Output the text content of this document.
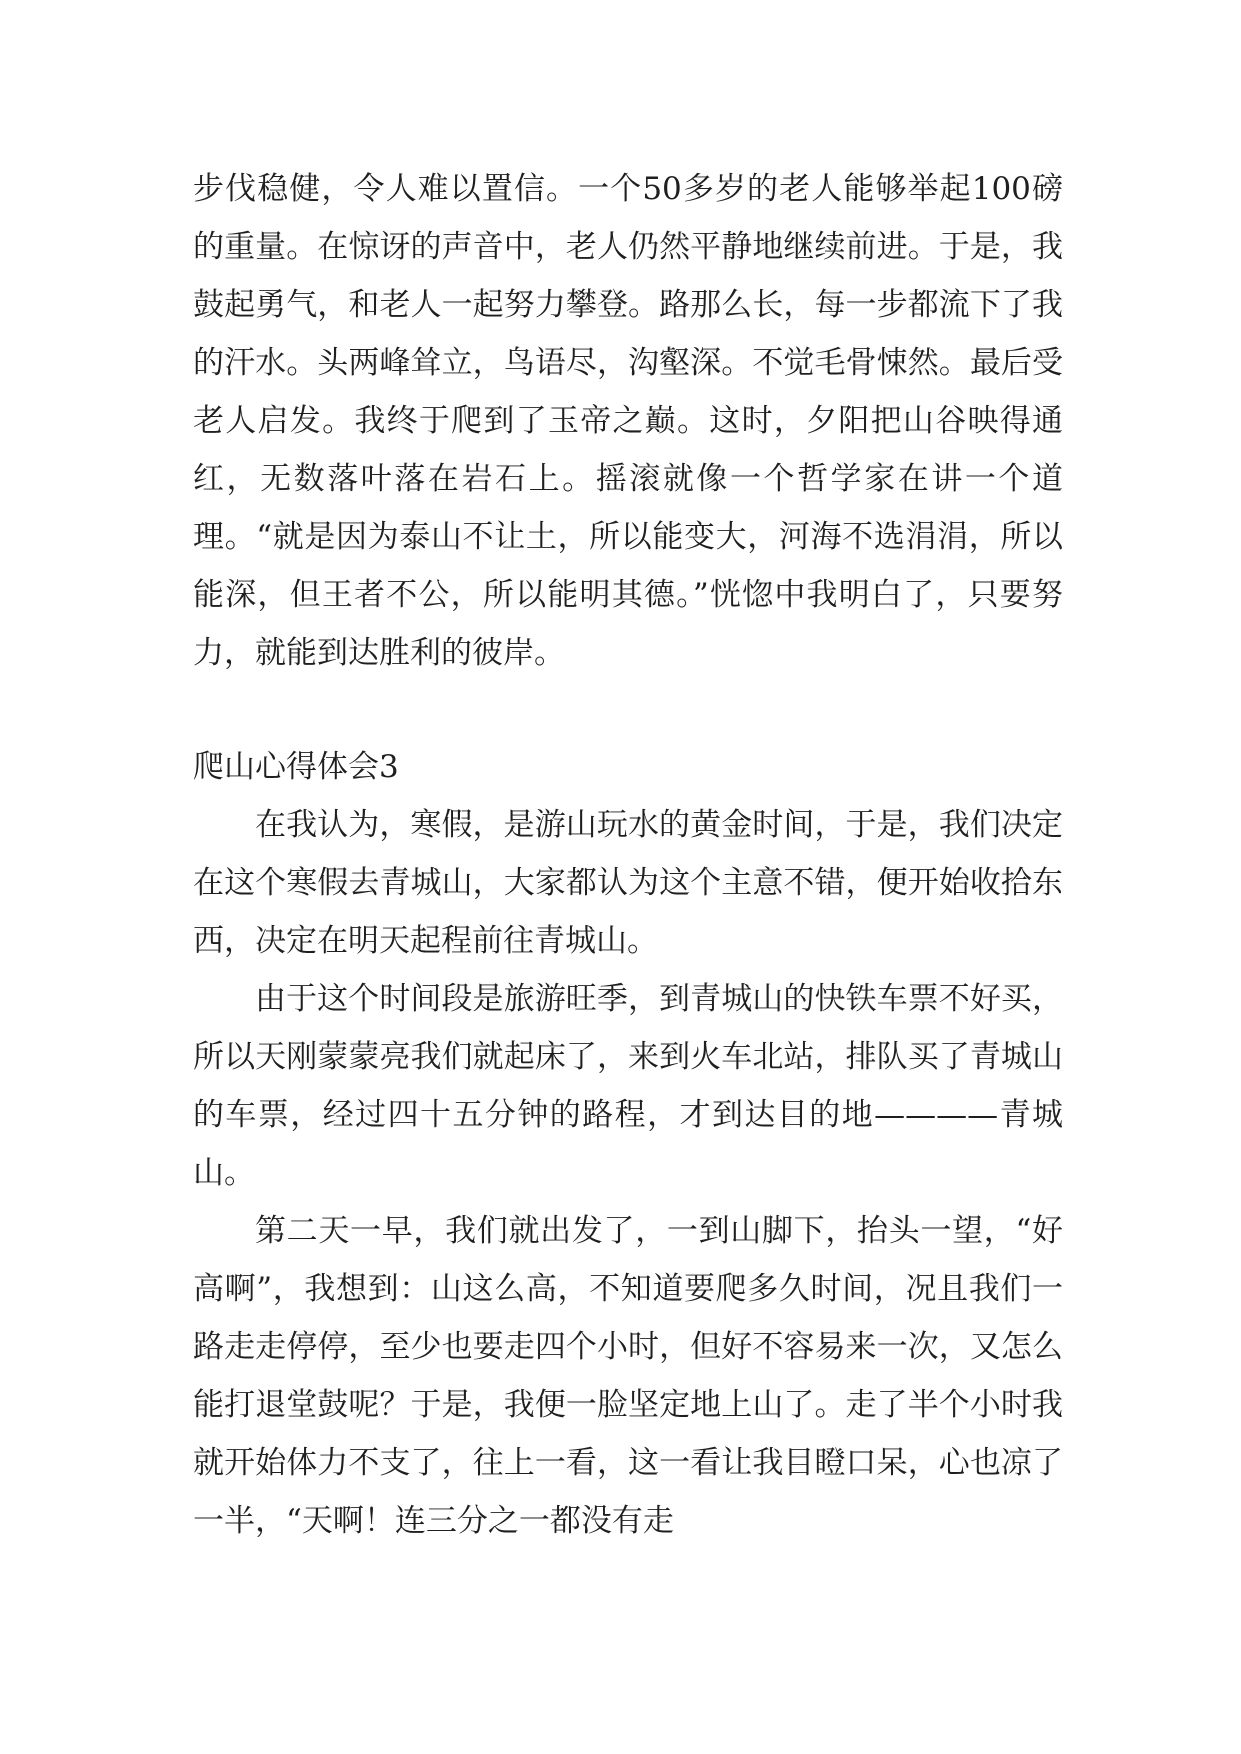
步伐稳健，令人难以置信。一个50多岁的老人能够举起100磅的重量。在惊讶的声音中，老人仍然平静地继续前进。于是，我鼓起勇气，和老人一起努力攀登。路那么长，每一步都流下了我的汗水。头两峰耸立，鸟语尽，沟壑深。不觉毛骨悚然。最后受老人启发。我终于爬到了玉帝之巅。这时，夕阳把山谷映得通红，无数落叶落在岩石上。摇滚就像一个哲学家在讲一个道理。“就是因为泰山不让土，所以能变大，河海不选涓涓，所以能深，但王者不公，所以能明其德。”恍惚中我明白了，只要努力，就能到达胜利的彼岸。

爬山心得体会3

在我认为，寒假，是游山玩水的黄金时间，于是，我们决定在这个寒假去青城山，大家都认为这个主意不错，便开始收拾东西，决定在明天起程前往青城山。

由于这个时间段是旅游旺季，到青城山的快铁车票不好买，所以天刚蒙蒙亮我们就起床了，来到火车北站，排队买了青城山的车票，经过四十五分钟的路程，才到达目的地————青城山。

第二天一早，我们就出发了，一到山脚下，抬头一望，“好高啊”，我想到：山这么高，不知道要爬多久时间，况且我们一路走走停停，至少也要走四个小时，但好不容易来一次，又怎么能打退堂鼓呢？于是，我便一脸坚定地上山了。走了半个小时我就开始体力不支了，往上一看，这一看让我目瞪口呆，心也凉了一半，“天啊！连三分之一都没有走
